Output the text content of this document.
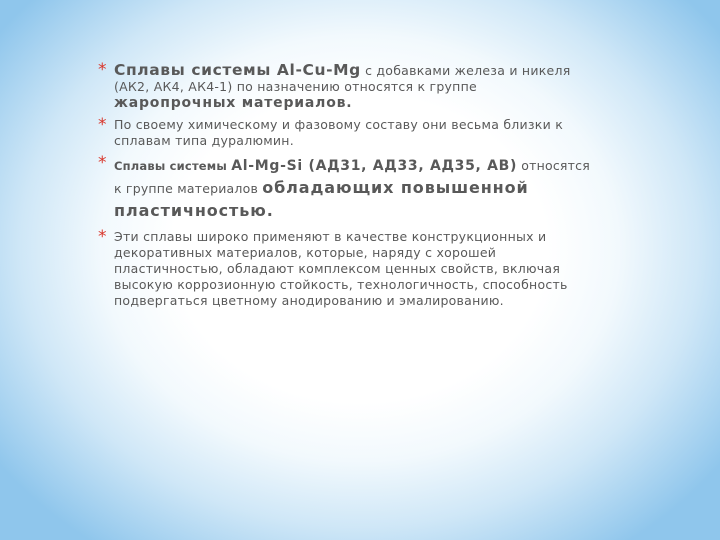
* Сплавы системы Al-Cu-Mg с добавками железа и никеля (АК2, АК4, АК4-1) по назначению относятся к группе жаропрочных материалов.
* По своему химическому и фазовому составу они весьма близки к сплавам типа дуралюмин.
* Сплавы системы Al-Mg-Si (АД31, АД33, АД35, АВ) относятся к группе материалов обладающих повышенной пластичностью.
* Эти сплавы широко применяют в качестве конструкционных и декоративных материалов, которые, наряду с хорошей пластичностью, обладают комплексом ценных свойств, включая высокую коррозионную стойкость, технологичность, способность подвергаться цветному анодированию и эмалированию.
